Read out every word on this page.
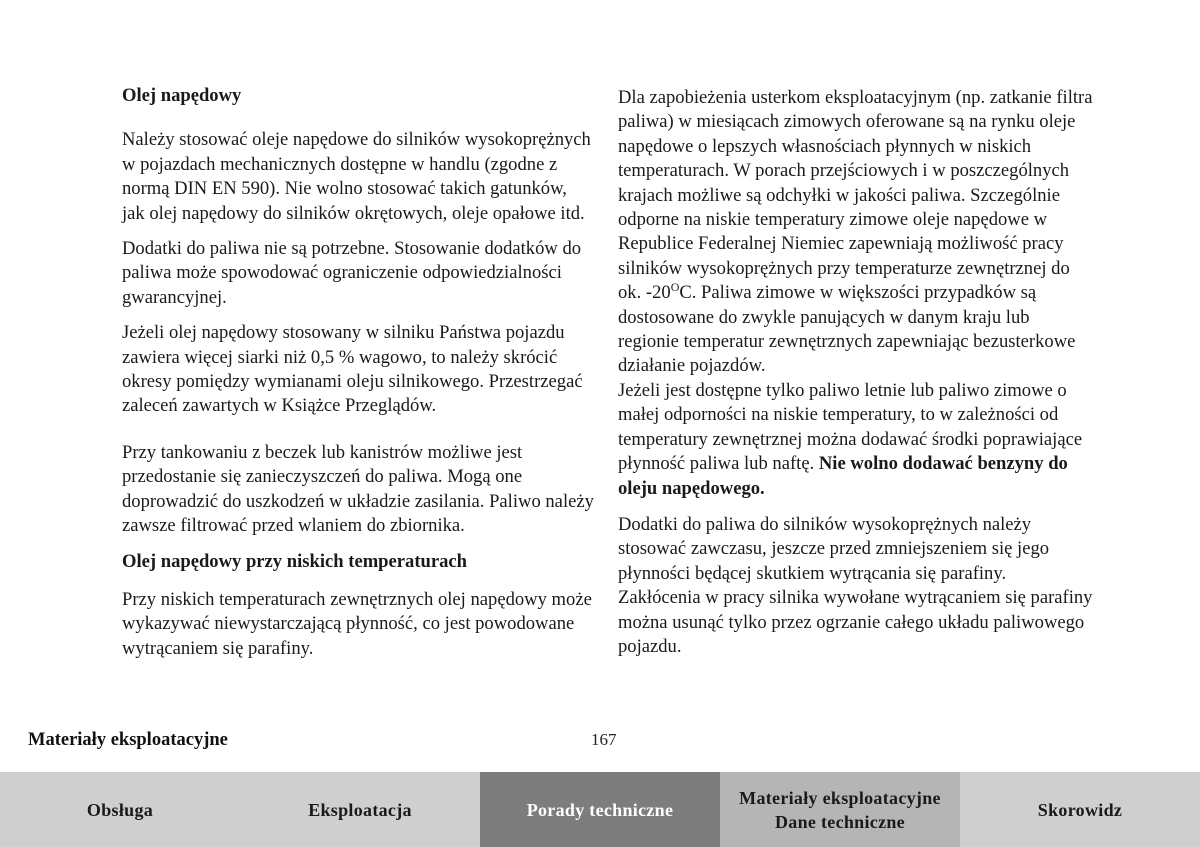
Olej napędowy

Należy stosować oleje napędowe do silników wysokoprężnych w pojazdach mechanicznych dostępne w handlu (zgodne z normą DIN EN 590). Nie wolno stosować takich gatunków, jak olej napędowy do silników okrętowych, oleje opałowe itd.

Dodatki do paliwa nie są potrzebne. Stosowanie dodatków do paliwa może spowodować ograniczenie odpowiedzialności gwarancyjnej.

Jeżeli olej napędowy stosowany w silniku Państwa pojazdu zawiera więcej siarki niż 0,5 % wagowo, to należy skrócić okresy pomiędzy wymianami oleju silnikowego. Przestrzegać zaleceń zawartych w Książce Przeglądów.

Przy tankowaniu z beczek lub kanistrów możliwe jest przedostanie się zanieczyszczeń do paliwa. Mogą one doprowadzić do uszkodzeń w układzie zasilania. Paliwo należy zawsze filtrować przed wlaniem do zbiornika.

Olej napędowy przy niskich temperaturach

Przy niskich temperaturach zewnętrznych olej napędowy może wykazywać niewystarczającą płynność, co jest powodowane wytrącaniem się parafiny.

Dla zapobieżenia usterkom eksploatacyjnym (np. zatkanie filtra paliwa) w miesiącach zimowych oferowane są na rynku oleje napędowe o lepszych własnościach płynnych w niskich temperaturach. W porach przejściowych i w poszczególnych krajach możliwe są odchyłki w jakości paliwa. Szczególnie odporne na niskie temperatury zimowe oleje napędowe w Republice Federalnej Niemiec zapewniają możliwość pracy silników wysokoprężnych przy temperaturze zewnętrznej do ok. $-20^OC$. Paliwa zimowe w większości przypadków są dostosowane do zwykle panujących w danym kraju lub regionie temperatur zewnętrznych zapewniając bezusterkowe działanie pojazdów.

Jeżeli jest dostępne tylko paliwo letnie lub paliwo zimowe o małej odporności na niskie temperatury, to w zależności od temperatury zewnętrznej można dodawać środki poprawiające płynność paliwa lub naftę. Nie wolno dodawać benzyny do oleju napędowego.

Dodatki do paliwa do silników wysokoprężnych należy stosować zawczasu, jeszcze przed zmniejszeniem się jego płynności będącej skutkiem wytrącania się parafiny. Zakłócenia w pracy silnika wywołane wytrącaniem się parafiny można usunąć tylko przez ogrzanie całego układu paliwowego pojazdu.

Materiały eksploatacyjne	167
Obsługa	Eksploatacja	Porady techniczne
Materiały eksploatacyjne
Dane techniczne
Skorowidz
